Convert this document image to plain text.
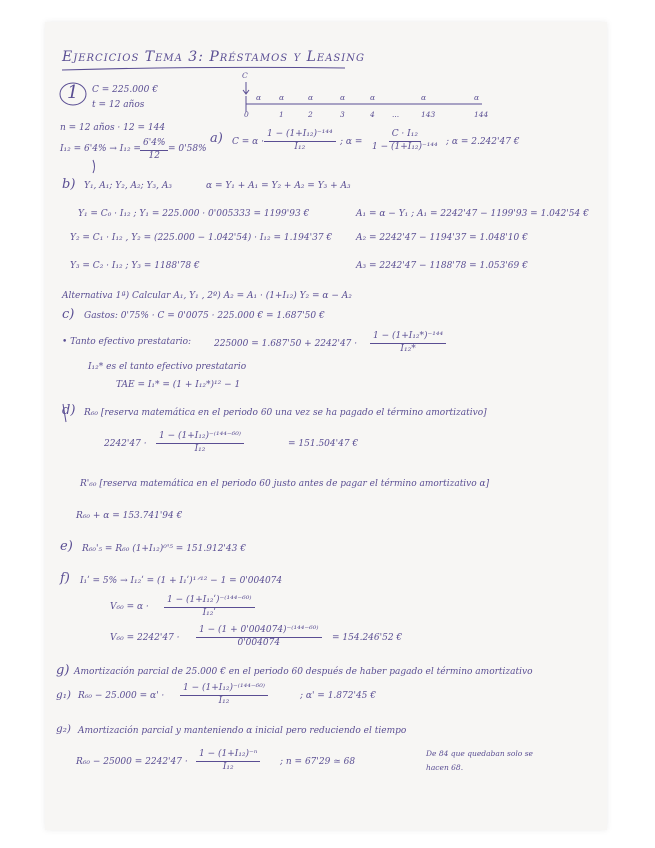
Ejercicios Tema 3: Préstamos y Leasing
1 C = 225.000 €
t = 12 años
C
0	1	2	3	4 ...	143	144
α	α	α	α	α	α
α
n = 12 años · 12 = 144
$I_{12} = 6'4\% \to I_{12} = \frac{6'4\%}{12} = 0'58\%$
a) $C = \alpha \cdot \frac{\text{1 − (1+I₁₂)⁻¹⁴⁴}}{\text{I₁₂}}$ ; $\alpha = \frac{\text{C · I₁₂}}{\text{1 − (1+I₁₂)⁻¹⁴⁴}}$ ; α = 2.242'47 €
b) Y₁, A₁; Y₂, A₂; Y₃, A₃	α = Y₁ + A₁ = Y₂ + A₂ = Y₃ + A₃
Y₁ = C₀ · I₁₂ ; Y₁ = 225.000 · 0'005333 = 1199'93 €	A₁ = α − Y₁ ; A₁ = 2242'47 − 1199'93 = 1.042'54 €
Y₂ = C₁ · I₁₂ , Y₂ = (225.000 − 1.042'54) · I₁₂ = 1.194'37 €	A₂ = 2242'47 − 1194'37 = 1.048'10 €
Y₃ = C₂ · I₁₂ ; Y₃ = 1188'78 €	A₃ = 2242'47 − 1188'78 = 1.053'69 €
Alternativa 1ª) Calcular A₁, Y₁ , 2º) A₂ = A₁ · (1+I₁₂) Y₂ = α − A₂
c) Gastos: 0'75% · C = 0'0075 · 225.000 € = 1.687'50 €
• Tanto efectivo prestatario:	$225000 = 1.687'50 + 2242'47 \cdot \frac{\text{1 − (1+I₁₂*)⁻¹⁴⁴}}{\text{I₁₂*}}$
I₁₂* es el tanto efectivo prestatario
TAE = I₁* = (1 + I₁₂*)¹² − 1
d) R₆₀ [reserva matemática en el periodo 60 una vez se ha pagado el término amortizativo]
$2242'47 \cdot \frac{\text{1 − (1+I₁₂)⁻⁽¹⁴⁴⁻⁶⁰⁾}}{\text{I₁₂}}$	= 151.504'47 €
R'₆₀ [reserva matemática en el periodo 60 justo antes de pagar el término amortizativo α]
R₆₀ + α = 153.741'94 €
e) R₆₀'₅ = R₆₀ (1+I₁₂)⁰'⁵ = 151.912'43 €
f) I₁ʹ = 5% → I₁₂ʹ = (1 + I₁ʹ)¹ᐟ¹² − 1 = 0'004074
V₆₀ = α ·
1 − (1+I₁₂ʹ)⁻⁽¹⁴⁴⁻⁶⁰⁾
I₁₂ʹ
$V_{60} = 2242'47 \cdot \frac{\text{1 − (1 + 0'004074)⁻⁽¹⁴⁴⁻⁶⁰⁾}}{0'004074} = 154.246'52$ €
g) Amortización parcial de 25.000 € en el periodo 60 después de haber pagado el término amortizativo
g₁) $R_{60} - 25.000 = \alpha' \cdot \frac{\text{1 − (1+I₁₂)⁻⁽¹⁴⁴⁻⁶⁰⁾}}{\text{I₁₂}}$	; α' = 1.872'45 €
g₂) Amortización parcial y manteniendo α inicial pero reduciendo el tiempo
$R_{60} - 25000 = 2242'47 \cdot \frac{\text{1 − (1+I₁₂)⁻ⁿ}}{\text{I₁₂}}$ ; n = 67'29 ≃ 68
De 84 que quedaban solo se
hacen 68.
